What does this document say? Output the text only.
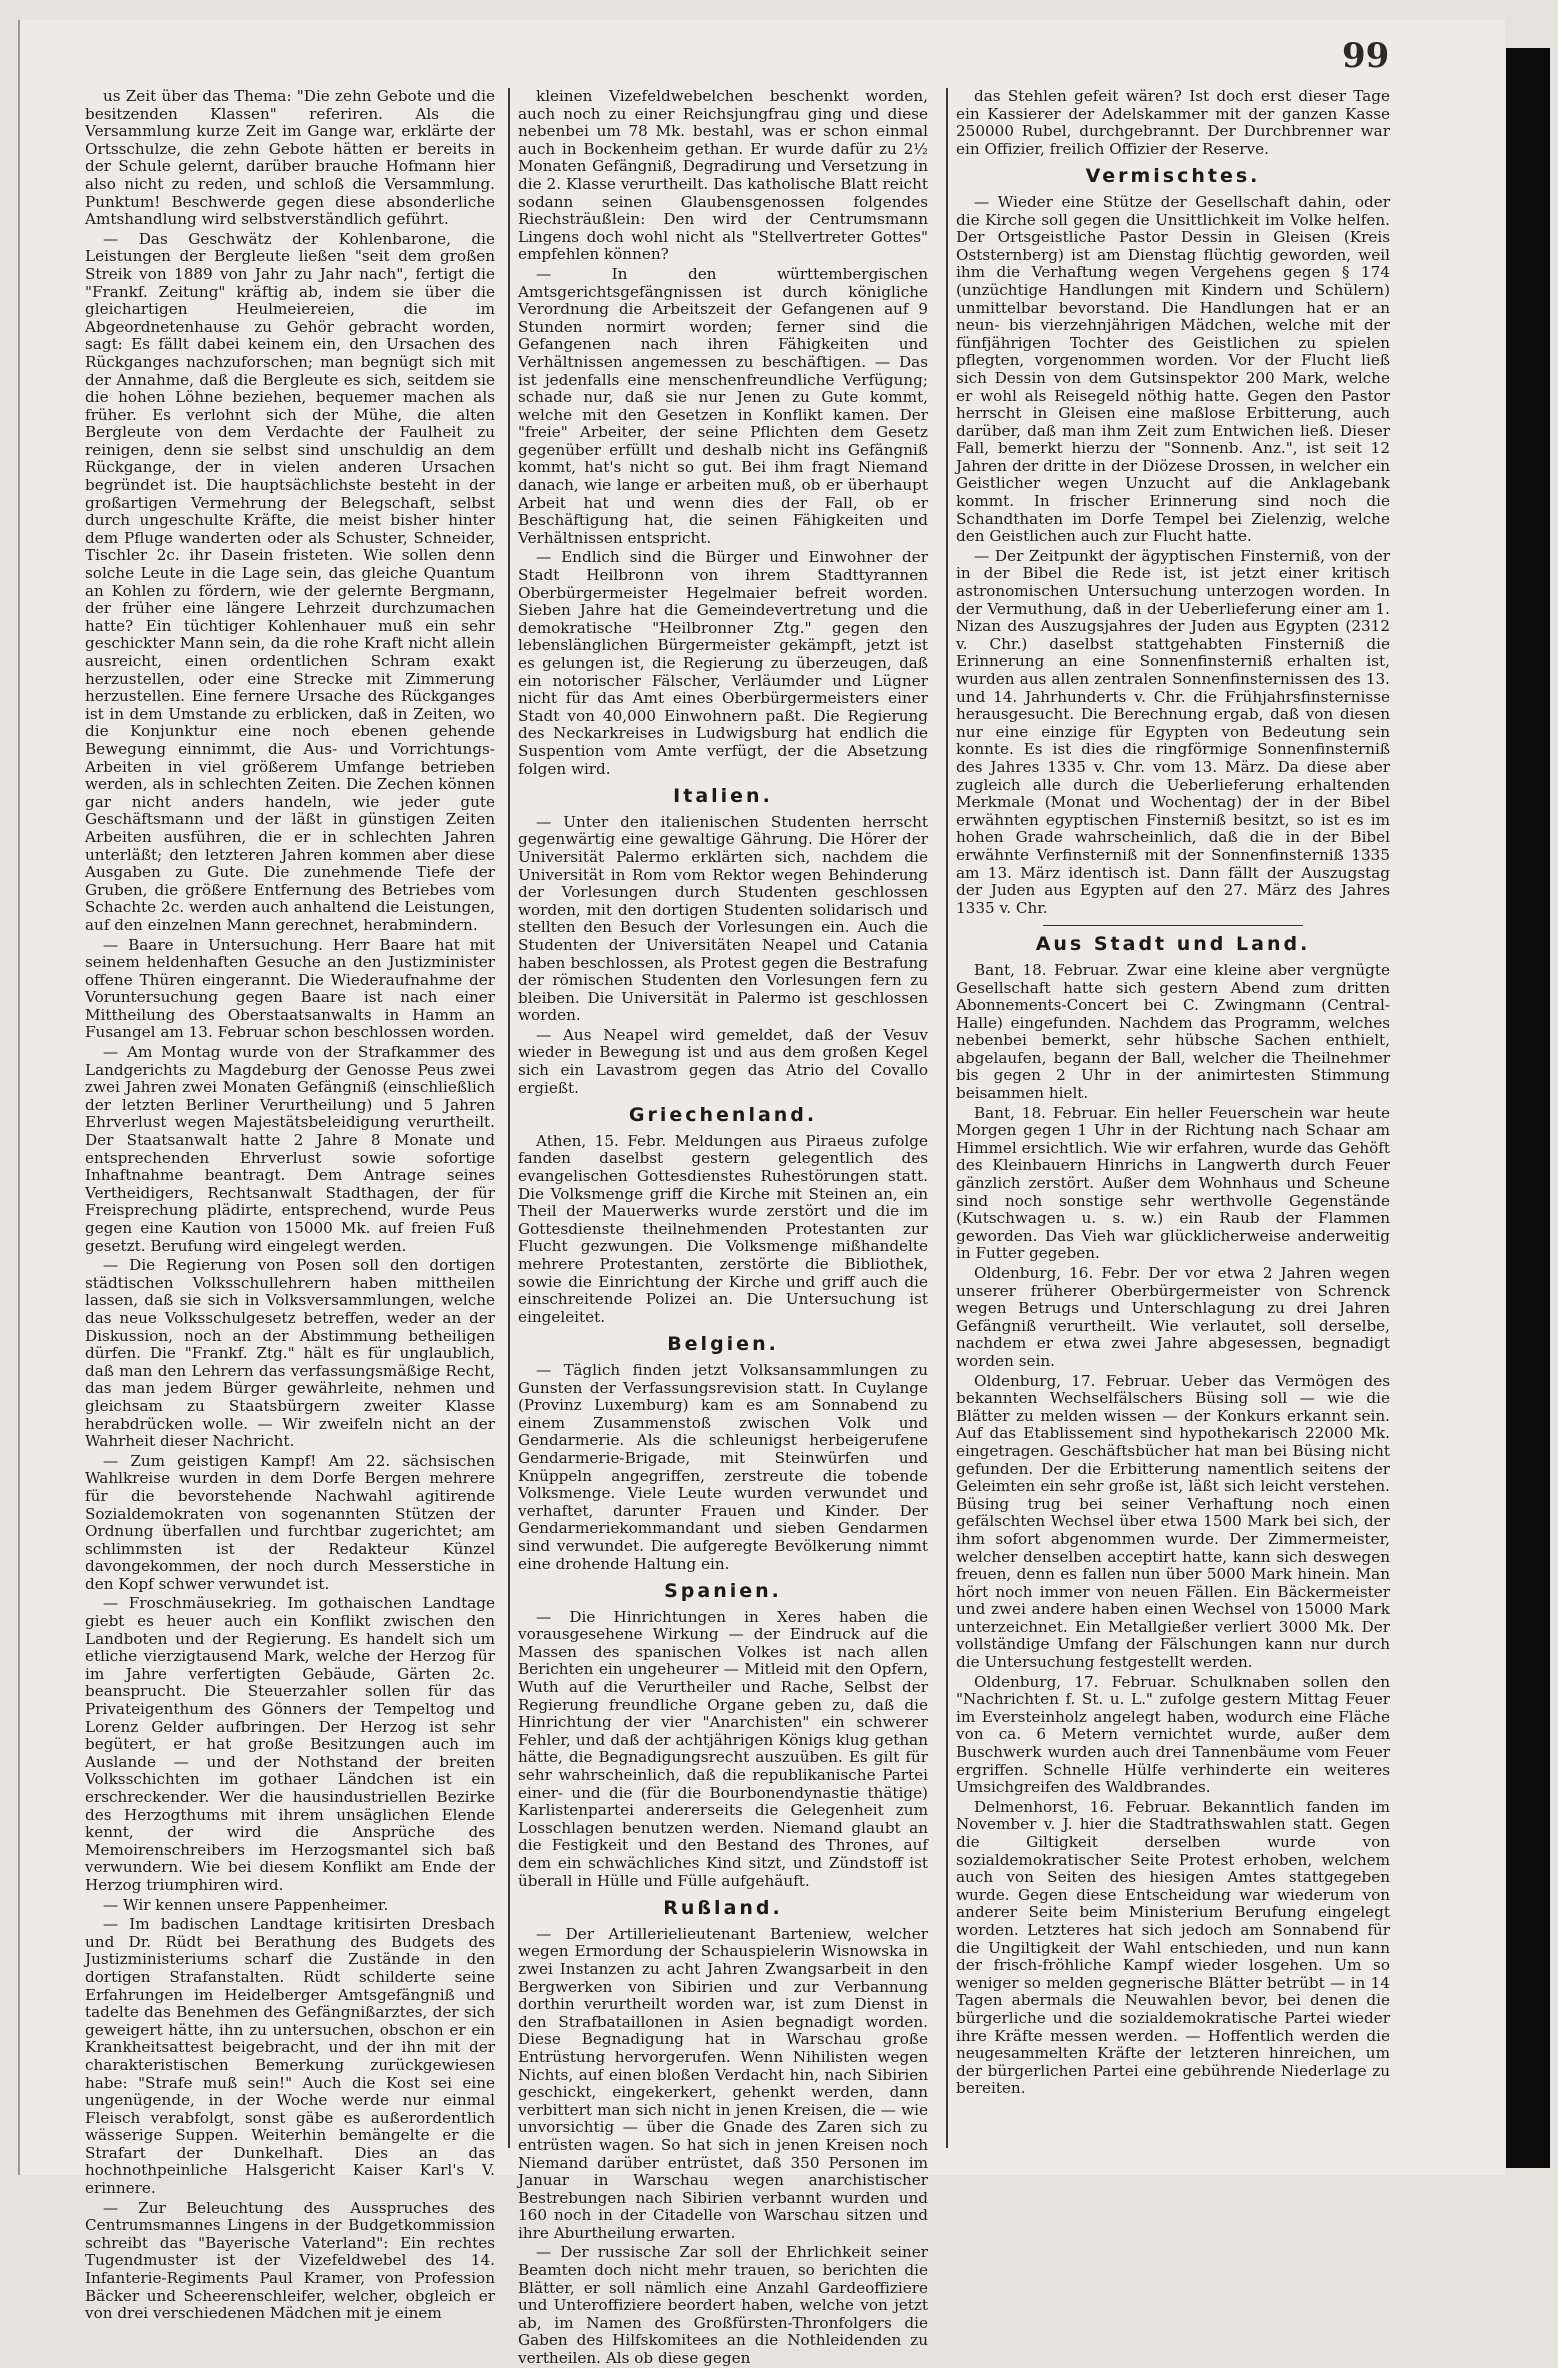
99

us Zeit über das Thema: "Die zehn Gebote und die besitzenden Klassen" referiren. Als die Versammlung kurze Zeit im Gange war, erklärte der Ortsschulze, die zehn Gebote hätten er bereits in der Schule gelernt, darüber brauche Hofmann hier also nicht zu reden, und schloß die Versammlung. Punktum! Beschwerde gegen diese absonderliche Amtshandlung wird selbstverständlich geführt.

— Das Geschwätz der Kohlenbarone, die Leistungen der Bergleute ließen "seit dem großen Streik von 1889 von Jahr zu Jahr nach", fertigt die "Frankf. Zeitung" kräftig ab, indem sie über die gleichartigen Heulmeiereien, die im Abgeordnetenhause zu Gehör gebracht worden, sagt: Es fällt dabei keinem ein, den Ursachen des Rückganges nachzuforschen; man begnügt sich mit der Annahme, daß die Bergleute es sich, seitdem sie die hohen Löhne beziehen, bequemer machen als früher. Es verlohnt sich der Mühe, die alten Bergleute von dem Verdachte der Faulheit zu reinigen, denn sie selbst sind unschuldig an dem Rückgange, der in vielen anderen Ursachen begründet ist. Die hauptsächlichste besteht in der großartigen Vermehrung der Belegschaft, selbst durch ungeschulte Kräfte, die meist bisher hinter dem Pfluge wanderten oder als Schuster, Schneider, Tischler 2c. ihr Dasein fristeten. Wie sollen denn solche Leute in die Lage sein, das gleiche Quantum an Kohlen zu fördern, wie der gelernte Bergmann, der früher eine längere Lehrzeit durchzumachen hatte? Ein tüchtiger Kohlenhauer muß ein sehr geschickter Mann sein, da die rohe Kraft nicht allein ausreicht, einen ordentlichen Schram exakt herzustellen, oder eine Strecke mit Zimmerung herzustellen. Eine fernere Ursache des Rückganges ist in dem Umstande zu erblicken, daß in Zeiten, wo die Konjunktur eine noch ebenen gehende Bewegung einnimmt, die Aus- und Vorrichtungs-Arbeiten in viel größerem Umfange betrieben werden, als in schlechten Zeiten. Die Zechen können gar nicht anders handeln, wie jeder gute Geschäftsmann und der läßt in günstigen Zeiten Arbeiten ausführen, die er in schlechten Jahren unterläßt; den letzteren Jahren kommen aber diese Ausgaben zu Gute. Die zunehmende Tiefe der Gruben, die größere Entfernung des Betriebes vom Schachte 2c. werden auch anhaltend die Leistungen, auf den einzelnen Mann gerechnet, herabmindern.

— Baare in Untersuchung. Herr Baare hat mit seinem heldenhaften Gesuche an den Justizminister offene Thüren eingerannt. Die Wiederaufnahme der Voruntersuchung gegen Baare ist nach einer Mittheilung des Oberstaatsanwalts in Hamm an Fusangel am 13. Februar schon beschlossen worden.

— Am Montag wurde von der Strafkammer des Landgerichts zu Magdeburg der Genosse Peus zwei zwei Jahren zwei Monaten Gefängniß (einschließlich der letzten Berliner Verurtheilung) und 5 Jahren Ehrverlust wegen Majestätsbeleidigung verurtheilt. Der Staatsanwalt hatte 2 Jahre 8 Monate und entsprechenden Ehrverlust sowie sofortige Inhaftnahme beantragt. Dem Antrage seines Vertheidigers, Rechtsanwalt Stadthagen, der für Freisprechung plädirte, entsprechend, wurde Peus gegen eine Kaution von 15000 Mk. auf freien Fuß gesetzt. Berufung wird eingelegt werden.

— Die Regierung von Posen soll den dortigen städtischen Volksschullehrern haben mittheilen lassen, daß sie sich in Volksversammlungen, welche das neue Volksschulgesetz betreffen, weder an der Diskussion, noch an der Abstimmung betheiligen dürfen. Die "Frankf. Ztg." hält es für unglaublich, daß man den Lehrern das verfassungsmäßige Recht, das man jedem Bürger gewährleite, nehmen und gleichsam zu Staatsbürgern zweiter Klasse herabdrücken wolle. — Wir zweifeln nicht an der Wahrheit dieser Nachricht.

— Zum geistigen Kampf! Am 22. sächsischen Wahlkreise wurden in dem Dorfe Bergen mehrere für die bevorstehende Nachwahl agitirende Sozialdemokraten von sogenannten Stützen der Ordnung überfallen und furchtbar zugerichtet; am schlimmsten ist der Redakteur Künzel davongekommen, der noch durch Messerstiche in den Kopf schwer verwundet ist.

— Froschmäusekrieg. Im gothaischen Landtage giebt es heuer auch ein Konflikt zwischen den Landboten und der Regierung. Es handelt sich um etliche vierzigtausend Mark, welche der Herzog für im Jahre verfertigten Gebäude, Gärten 2c. beansprucht. Die Steuerzahler sollen für das Privateigenthum des Gönners der Tempeltog und Lorenz Gelder aufbringen. Der Herzog ist sehr begütert, er hat große Besitzungen auch im Auslande — und der Nothstand der breiten Volksschichten im gothaer Ländchen ist ein erschreckender. Wer die hausindustriellen Bezirke des Herzogthums mit ihrem unsäglichen Elende kennt, der wird die Ansprüche des Memoirenschreibers im Herzogsmantel sich baß verwundern. Wie bei diesem Konflikt am Ende der Herzog triumphiren wird.

— Wir kennen unsere Pappenheimer.

— Im badischen Landtage kritisirten Dresbach und Dr. Rüdt bei Berathung des Budgets des Justizministeriums scharf die Zustände in den dortigen Strafanstalten. Rüdt schilderte seine Erfahrungen im Heidelberger Amtsgefängniß und tadelte das Benehmen des Gefängnißarztes, der sich geweigert hätte, ihn zu untersuchen, obschon er ein Krankheitsattest beigebracht, und der ihn mit der charakteristischen Bemerkung zurückgewiesen habe: "Strafe muß sein!" Auch die Kost sei eine ungenügende, in der Woche werde nur einmal Fleisch verabfolgt, sonst gäbe es außerordentlich wässerige Suppen. Weiterhin bemängelte er die Strafart der Dunkelhaft. Dies an das hochnothpeinliche Halsgericht Kaiser Karl's V. erinnere.

— Zur Beleuchtung des Ausspruches des Centrumsmannes Lingens in der Budgetkommission schreibt das "Bayerische Vaterland": Ein rechtes Tugendmuster ist der Vizefeldwebel des 14. Infanterie-Regiments Paul Kramer, von Profession Bäcker und Scheerenschleifer, welcher, obgleich er von drei verschiedenen Mädchen mit je einem

kleinen Vizefeldwebelchen beschenkt worden, auch noch zu einer Reichsjungfrau ging und diese nebenbei um 78 Mk. bestahl, was er schon einmal auch in Bockenheim gethan. Er wurde dafür zu 2½ Monaten Gefängniß, Degradirung und Versetzung in die 2. Klasse verurtheilt. Das katholische Blatt reicht sodann seinen Glaubensgenossen folgendes Riechsträußlein: Den wird der Centrumsmann Lingens doch wohl nicht als "Stellvertreter Gottes" empfehlen können?

— In den württembergischen Amtsgerichtsgefängnissen ist durch königliche Verordnung die Arbeitszeit der Gefangenen auf 9 Stunden normirt worden; ferner sind die Gefangenen nach ihren Fähigkeiten und Verhältnissen angemessen zu beschäftigen. — Das ist jedenfalls eine menschenfreundliche Verfügung; schade nur, daß sie nur Jenen zu Gute kommt, welche mit den Gesetzen in Konflikt kamen. Der "freie" Arbeiter, der seine Pflichten dem Gesetz gegenüber erfüllt und deshalb nicht ins Gefängniß kommt, hat's nicht so gut. Bei ihm fragt Niemand danach, wie lange er arbeiten muß, ob er überhaupt Arbeit hat und wenn dies der Fall, ob er Beschäftigung hat, die seinen Fähigkeiten und Verhältnissen entspricht.

— Endlich sind die Bürger und Einwohner der Stadt Heilbronn von ihrem Stadttyrannen Oberbürgermeister Hegelmaier befreit worden. Sieben Jahre hat die Gemeindevertretung und die demokratische "Heilbronner Ztg." gegen den lebenslänglichen Bürgermeister gekämpft, jetzt ist es gelungen ist, die Regierung zu überzeugen, daß ein notorischer Fälscher, Verläumder und Lügner nicht für das Amt eines Oberbürgermeisters einer Stadt von 40,000 Einwohnern paßt. Die Regierung des Neckarkreises in Ludwigsburg hat endlich die Suspention vom Amte verfügt, der die Absetzung folgen wird.

Italien.

— Unter den italienischen Studenten herrscht gegenwärtig eine gewaltige Gährung. Die Hörer der Universität Palermo erklärten sich, nachdem die Universität in Rom vom Rektor wegen Behinderung der Vorlesungen durch Studenten geschlossen worden, mit den dortigen Studenten solidarisch und stellten den Besuch der Vorlesungen ein. Auch die Studenten der Universitäten Neapel und Catania haben beschlossen, als Protest gegen die Bestrafung der römischen Studenten den Vorlesungen fern zu bleiben. Die Universität in Palermo ist geschlossen worden.

— Aus Neapel wird gemeldet, daß der Vesuv wieder in Bewegung ist und aus dem großen Kegel sich ein Lavastrom gegen das Atrio del Covallo ergießt.

Griechenland.

Athen, 15. Febr. Meldungen aus Piraeus zufolge fanden daselbst gestern gelegentlich des evangelischen Gottesdienstes Ruhestörungen statt. Die Volksmenge griff die Kirche mit Steinen an, ein Theil der Mauerwerks wurde zerstört und die im Gottesdienste theilnehmenden Protestanten zur Flucht gezwungen. Die Volksmenge mißhandelte mehrere Protestanten, zerstörte die Bibliothek, sowie die Einrichtung der Kirche und griff auch die einschreitende Polizei an. Die Untersuchung ist eingeleitet.

Belgien.

— Täglich finden jetzt Volksansammlungen zu Gunsten der Verfassungsrevision statt. In Cuylange (Provinz Luxemburg) kam es am Sonnabend zu einem Zusammenstoß zwischen Volk und Gendarmerie. Als die schleunigst herbeigerufene Gendarmerie-Brigade, mit Steinwürfen und Knüppeln angegriffen, zerstreute die tobende Volksmenge. Viele Leute wurden verwundet und verhaftet, darunter Frauen und Kinder. Der Gendarmeriekommandant und sieben Gendarmen sind verwundet. Die aufgeregte Bevölkerung nimmt eine drohende Haltung ein.

Spanien.

— Die Hinrichtungen in Xeres haben die vorausgesehene Wirkung — der Eindruck auf die Massen des spanischen Volkes ist nach allen Berichten ein ungeheurer — Mitleid mit den Opfern, Wuth auf die Verurtheiler und Rache, Selbst der Regierung freundliche Organe geben zu, daß die Hinrichtung der vier "Anarchisten" ein schwerer Fehler, und daß der achtjährigen Königs klug gethan hätte, die Begnadigungsrecht auszuüben. Es gilt für sehr wahrscheinlich, daß die republikanische Partei einer- und die (für die Bourbonendynastie thätige) Karlistenpartei andererseits die Gelegenheit zum Losschlagen benutzen werden. Niemand glaubt an die Festigkeit und den Bestand des Thrones, auf dem ein schwächliches Kind sitzt, und Zündstoff ist überall in Hülle und Fülle aufgehäuft.

Rußland.

— Der Artillerielieutenant Barteniew, welcher wegen Ermordung der Schauspielerin Wisnowska in zwei Instanzen zu acht Jahren Zwangsarbeit in den Bergwerken von Sibirien und zur Verbannung dorthin verurtheilt worden war, ist zum Dienst in den Strafbataillonen in Asien begnadigt worden. Diese Begnadigung hat in Warschau große Entrüstung hervorgerufen. Wenn Nihilisten wegen Nichts, auf einen bloßen Verdacht hin, nach Sibirien geschickt, eingekerkert, gehenkt werden, dann verbittert man sich nicht in jenen Kreisen, die — wie unvorsichtig — über die Gnade des Zaren sich zu entrüsten wagen. So hat sich in jenen Kreisen noch Niemand darüber entrüstet, daß 350 Personen im Januar in Warschau wegen anarchistischer Bestrebungen nach Sibirien verbannt wurden und 160 noch in der Citadelle von Warschau sitzen und ihre Aburtheilung erwarten.

— Der russische Zar soll der Ehrlichkeit seiner Beamten doch nicht mehr trauen, so berichten die Blätter, er soll nämlich eine Anzahl Gardeoffiziere und Unteroffiziere beordert haben, welche von jetzt ab, im Namen des Großfürsten-Thronfolgers die Gaben des Hilfskomitees an die Nothleidenden zu vertheilen. Als ob diese gegen

das Stehlen gefeit wären? Ist doch erst dieser Tage ein Kassierer der Adelskammer mit der ganzen Kasse 250000 Rubel, durchgebrannt. Der Durchbrenner war ein Offizier, freilich Offizier der Reserve.

Vermischtes.

— Wieder eine Stütze der Gesellschaft dahin, oder die Kirche soll gegen die Unsittlichkeit im Volke helfen. Der Ortsgeistliche Pastor Dessin in Gleisen (Kreis Oststernberg) ist am Dienstag flüchtig geworden, weil ihm die Verhaftung wegen Vergehens gegen § 174 (unzüchtige Handlungen mit Kindern und Schülern) unmittelbar bevorstand. Die Handlungen hat er an neun- bis vierzehnjährigen Mädchen, welche mit der fünfjährigen Tochter des Geistlichen zu spielen pflegten, vorgenommen worden. Vor der Flucht ließ sich Dessin von dem Gutsinspektor 200 Mark, welche er wohl als Reisegeld nöthig hatte. Gegen den Pastor herrscht in Gleisen eine maßlose Erbitterung, auch darüber, daß man ihm Zeit zum Entwichen ließ. Dieser Fall, bemerkt hierzu der "Sonnenb. Anz.", ist seit 12 Jahren der dritte in der Diözese Drossen, in welcher ein Geistlicher wegen Unzucht auf die Anklagebank kommt. In frischer Erinnerung sind noch die Schandthaten im Dorfe Tempel bei Zielenzig, welche den Geistlichen auch zur Flucht hatte.

— Der Zeitpunkt der ägyptischen Finsterniß, von der in der Bibel die Rede ist, ist jetzt einer kritisch astronomischen Untersuchung unterzogen worden. In der Vermuthung, daß in der Ueberlieferung einer am 1. Nizan des Auszugsjahres der Juden aus Egypten (2312 v. Chr.) daselbst stattgehabten Finsterniß die Erinnerung an eine Sonnenfinsterniß erhalten ist, wurden aus allen zentralen Sonnenfinsternissen des 13. und 14. Jahrhunderts v. Chr. die Frühjahrsfinsternisse herausgesucht. Die Berechnung ergab, daß von diesen nur eine einzige für Egypten von Bedeutung sein konnte. Es ist dies die ringförmige Sonnenfinsterniß des Jahres 1335 v. Chr. vom 13. März. Da diese aber zugleich alle durch die Ueberlieferung erhaltenden Merkmale (Monat und Wochentag) der in der Bibel erwähnten egyptischen Finsterniß besitzt, so ist es im hohen Grade wahrscheinlich, daß die in der Bibel erwähnte Verfinsterniß mit der Sonnenfinsterniß 1335 am 13. März identisch ist. Dann fällt der Auszugstag der Juden aus Egypten auf den 27. März des Jahres 1335 v. Chr.

Aus Stadt und Land.

Bant, 18. Februar. Zwar eine kleine aber vergnügte Gesellschaft hatte sich gestern Abend zum dritten Abonnements-Concert bei C. Zwingmann (Central-Halle) eingefunden. Nachdem das Programm, welches nebenbei bemerkt, sehr hübsche Sachen enthielt, abgelaufen, begann der Ball, welcher die Theilnehmer bis gegen 2 Uhr in der animirtesten Stimmung beisammen hielt.

Bant, 18. Februar. Ein heller Feuerschein war heute Morgen gegen 1 Uhr in der Richtung nach Schaar am Himmel ersichtlich. Wie wir erfahren, wurde das Gehöft des Kleinbauern Hinrichs in Langwerth durch Feuer gänzlich zerstört. Außer dem Wohnhaus und Scheune sind noch sonstige sehr werthvolle Gegenstände (Kutschwagen u. s. w.) ein Raub der Flammen geworden. Das Vieh war glücklicherweise anderweitig in Futter gegeben.

Oldenburg, 16. Febr. Der vor etwa 2 Jahren wegen unserer früherer Oberbürgermeister von Schrenck wegen Betrugs und Unterschlagung zu drei Jahren Gefängniß verurtheilt. Wie verlautet, soll derselbe, nachdem er etwa zwei Jahre abgesessen, begnadigt worden sein.

Oldenburg, 17. Februar. Ueber das Vermögen des bekannten Wechselfälschers Büsing soll — wie die Blätter zu melden wissen — der Konkurs erkannt sein. Auf das Etablissement sind hypothekarisch 22000 Mk. eingetragen. Geschäftsbücher hat man bei Büsing nicht gefunden. Der die Erbitterung namentlich seitens der Geleimten ein sehr große ist, läßt sich leicht verstehen. Büsing trug bei seiner Verhaftung noch einen gefälschten Wechsel über etwa 1500 Mark bei sich, der ihm sofort abgenommen wurde. Der Zimmermeister, welcher denselben acceptirt hatte, kann sich deswegen freuen, denn es fallen nun über 5000 Mark hinein. Man hört noch immer von neuen Fällen. Ein Bäckermeister und zwei andere haben einen Wechsel von 15000 Mark unterzeichnet. Ein Metallgießer verliert 3000 Mk. Der vollständige Umfang der Fälschungen kann nur durch die Untersuchung festgestellt werden.

Oldenburg, 17. Februar. Schulknaben sollen den "Nachrichten f. St. u. L." zufolge gestern Mittag Feuer im Eversteinholz angelegt haben, wodurch eine Fläche von ca. 6 Metern vernichtet wurde, außer dem Buschwerk wurden auch drei Tannenbäume vom Feuer ergriffen. Schnelle Hülfe verhinderte ein weiteres Umsichgreifen des Waldbrandes.

Delmenhorst, 16. Februar. Bekanntlich fanden im November v. J. hier die Stadtrathswahlen statt. Gegen die Giltigkeit derselben wurde von sozialdemokratischer Seite Protest erhoben, welchem auch von Seiten des hiesigen Amtes stattgegeben wurde. Gegen diese Entscheidung war wiederum von anderer Seite beim Ministerium Berufung eingelegt worden. Letzteres hat sich jedoch am Sonnabend für die Ungiltigkeit der Wahl entschieden, und nun kann der frisch-fröhliche Kampf wieder losgehen. Um so weniger so melden gegnerische Blätter betrübt — in 14 Tagen abermals die Neuwahlen bevor, bei denen die bürgerliche und die sozialdemokratische Partei wieder ihre Kräfte messen werden. — Hoffentlich werden die neugesammelten Kräfte der letzteren hinreichen, um der bürgerlichen Partei eine gebührende Niederlage zu bereiten.
